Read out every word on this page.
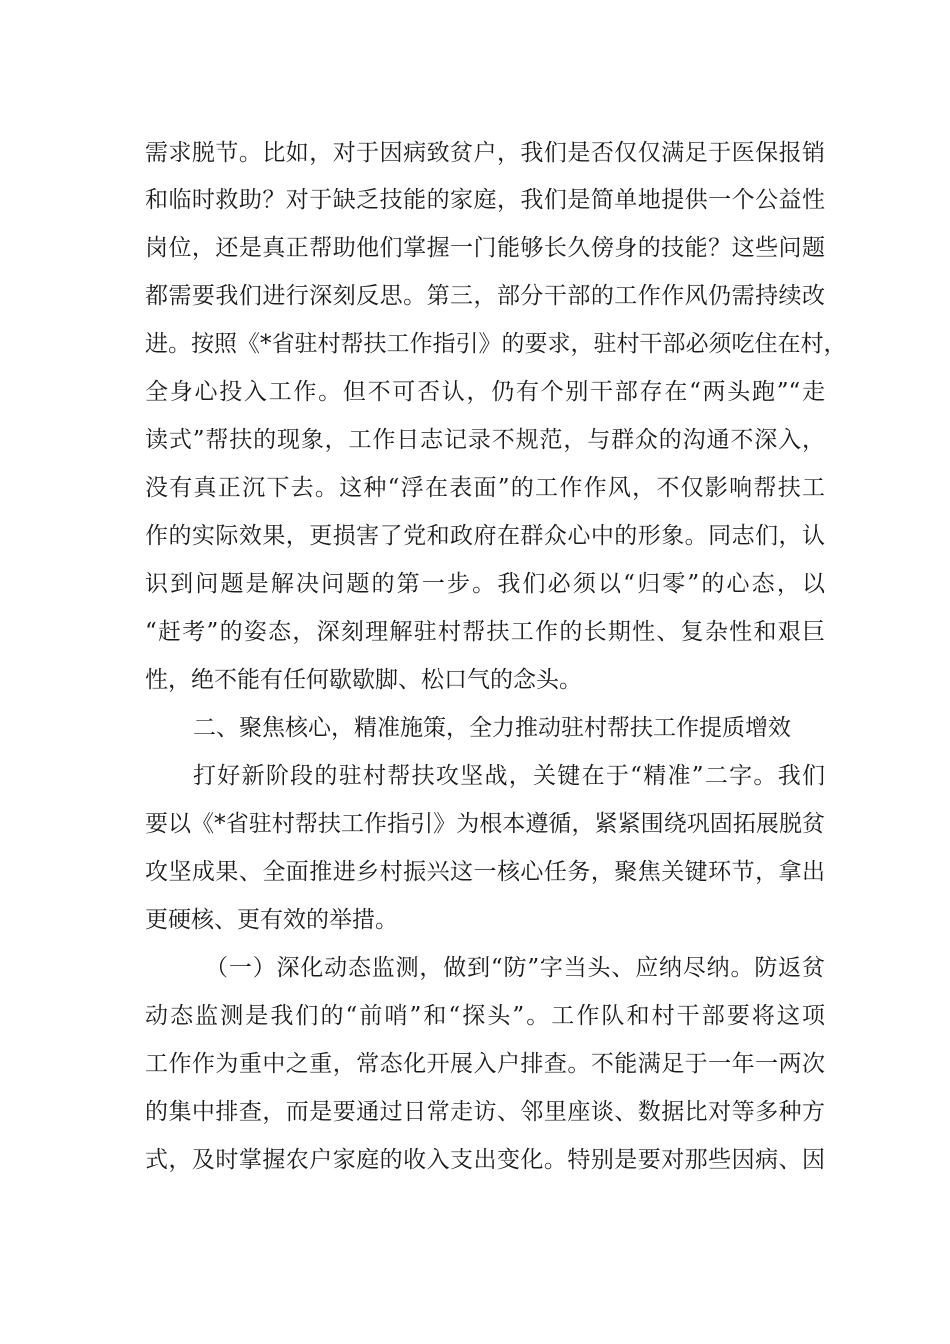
需求脱节。比如，对于因病致贫户，我们是否仅仅满足于医保报销
和临时救助？对于缺乏技能的家庭，我们是简单地提供一个公益性
岗位，还是真正帮助他们掌握一门能够长久傍身的技能？这些问题
都需要我们进行深刻反思。第三，部分干部的工作作风仍需持续改
进。按照《*省驻村帮扶工作指引》的要求，驻村干部必须吃住在村，
全身心投入工作。但不可否认，仍有个别干部存在“两头跑”“走
读式”帮扶的现象，工作日志记录不规范，与群众的沟通不深入，
没有真正沉下去。这种“浮在表面”的工作作风，不仅影响帮扶工
作的实际效果，更损害了党和政府在群众心中的形象。同志们，认
识到问题是解决问题的第一步。我们必须以“归零”的心态，以
“赶考”的姿态，深刻理解驻村帮扶工作的长期性、复杂性和艰巨
性，绝不能有任何歇歇脚、松口气的念头。
二、聚焦核心，精准施策，全力推动驻村帮扶工作提质增效
打好新阶段的驻村帮扶攻坚战，关键在于“精准”二字。我们
要以《*省驻村帮扶工作指引》为根本遵循，紧紧围绕巩固拓展脱贫
攻坚成果、全面推进乡村振兴这一核心任务，聚焦关键环节，拿出
更硬核、更有效的举措。
（一）深化动态监测，做到“防”字当头、应纳尽纳。防返贫
动态监测是我们的“前哨”和“探头”。工作队和村干部要将这项
工作作为重中之重，常态化开展入户排查。不能满足于一年一两次
的集中排查，而是要通过日常走访、邻里座谈、数据比对等多种方
式，及时掌握农户家庭的收入支出变化。特别是要对那些因病、因
